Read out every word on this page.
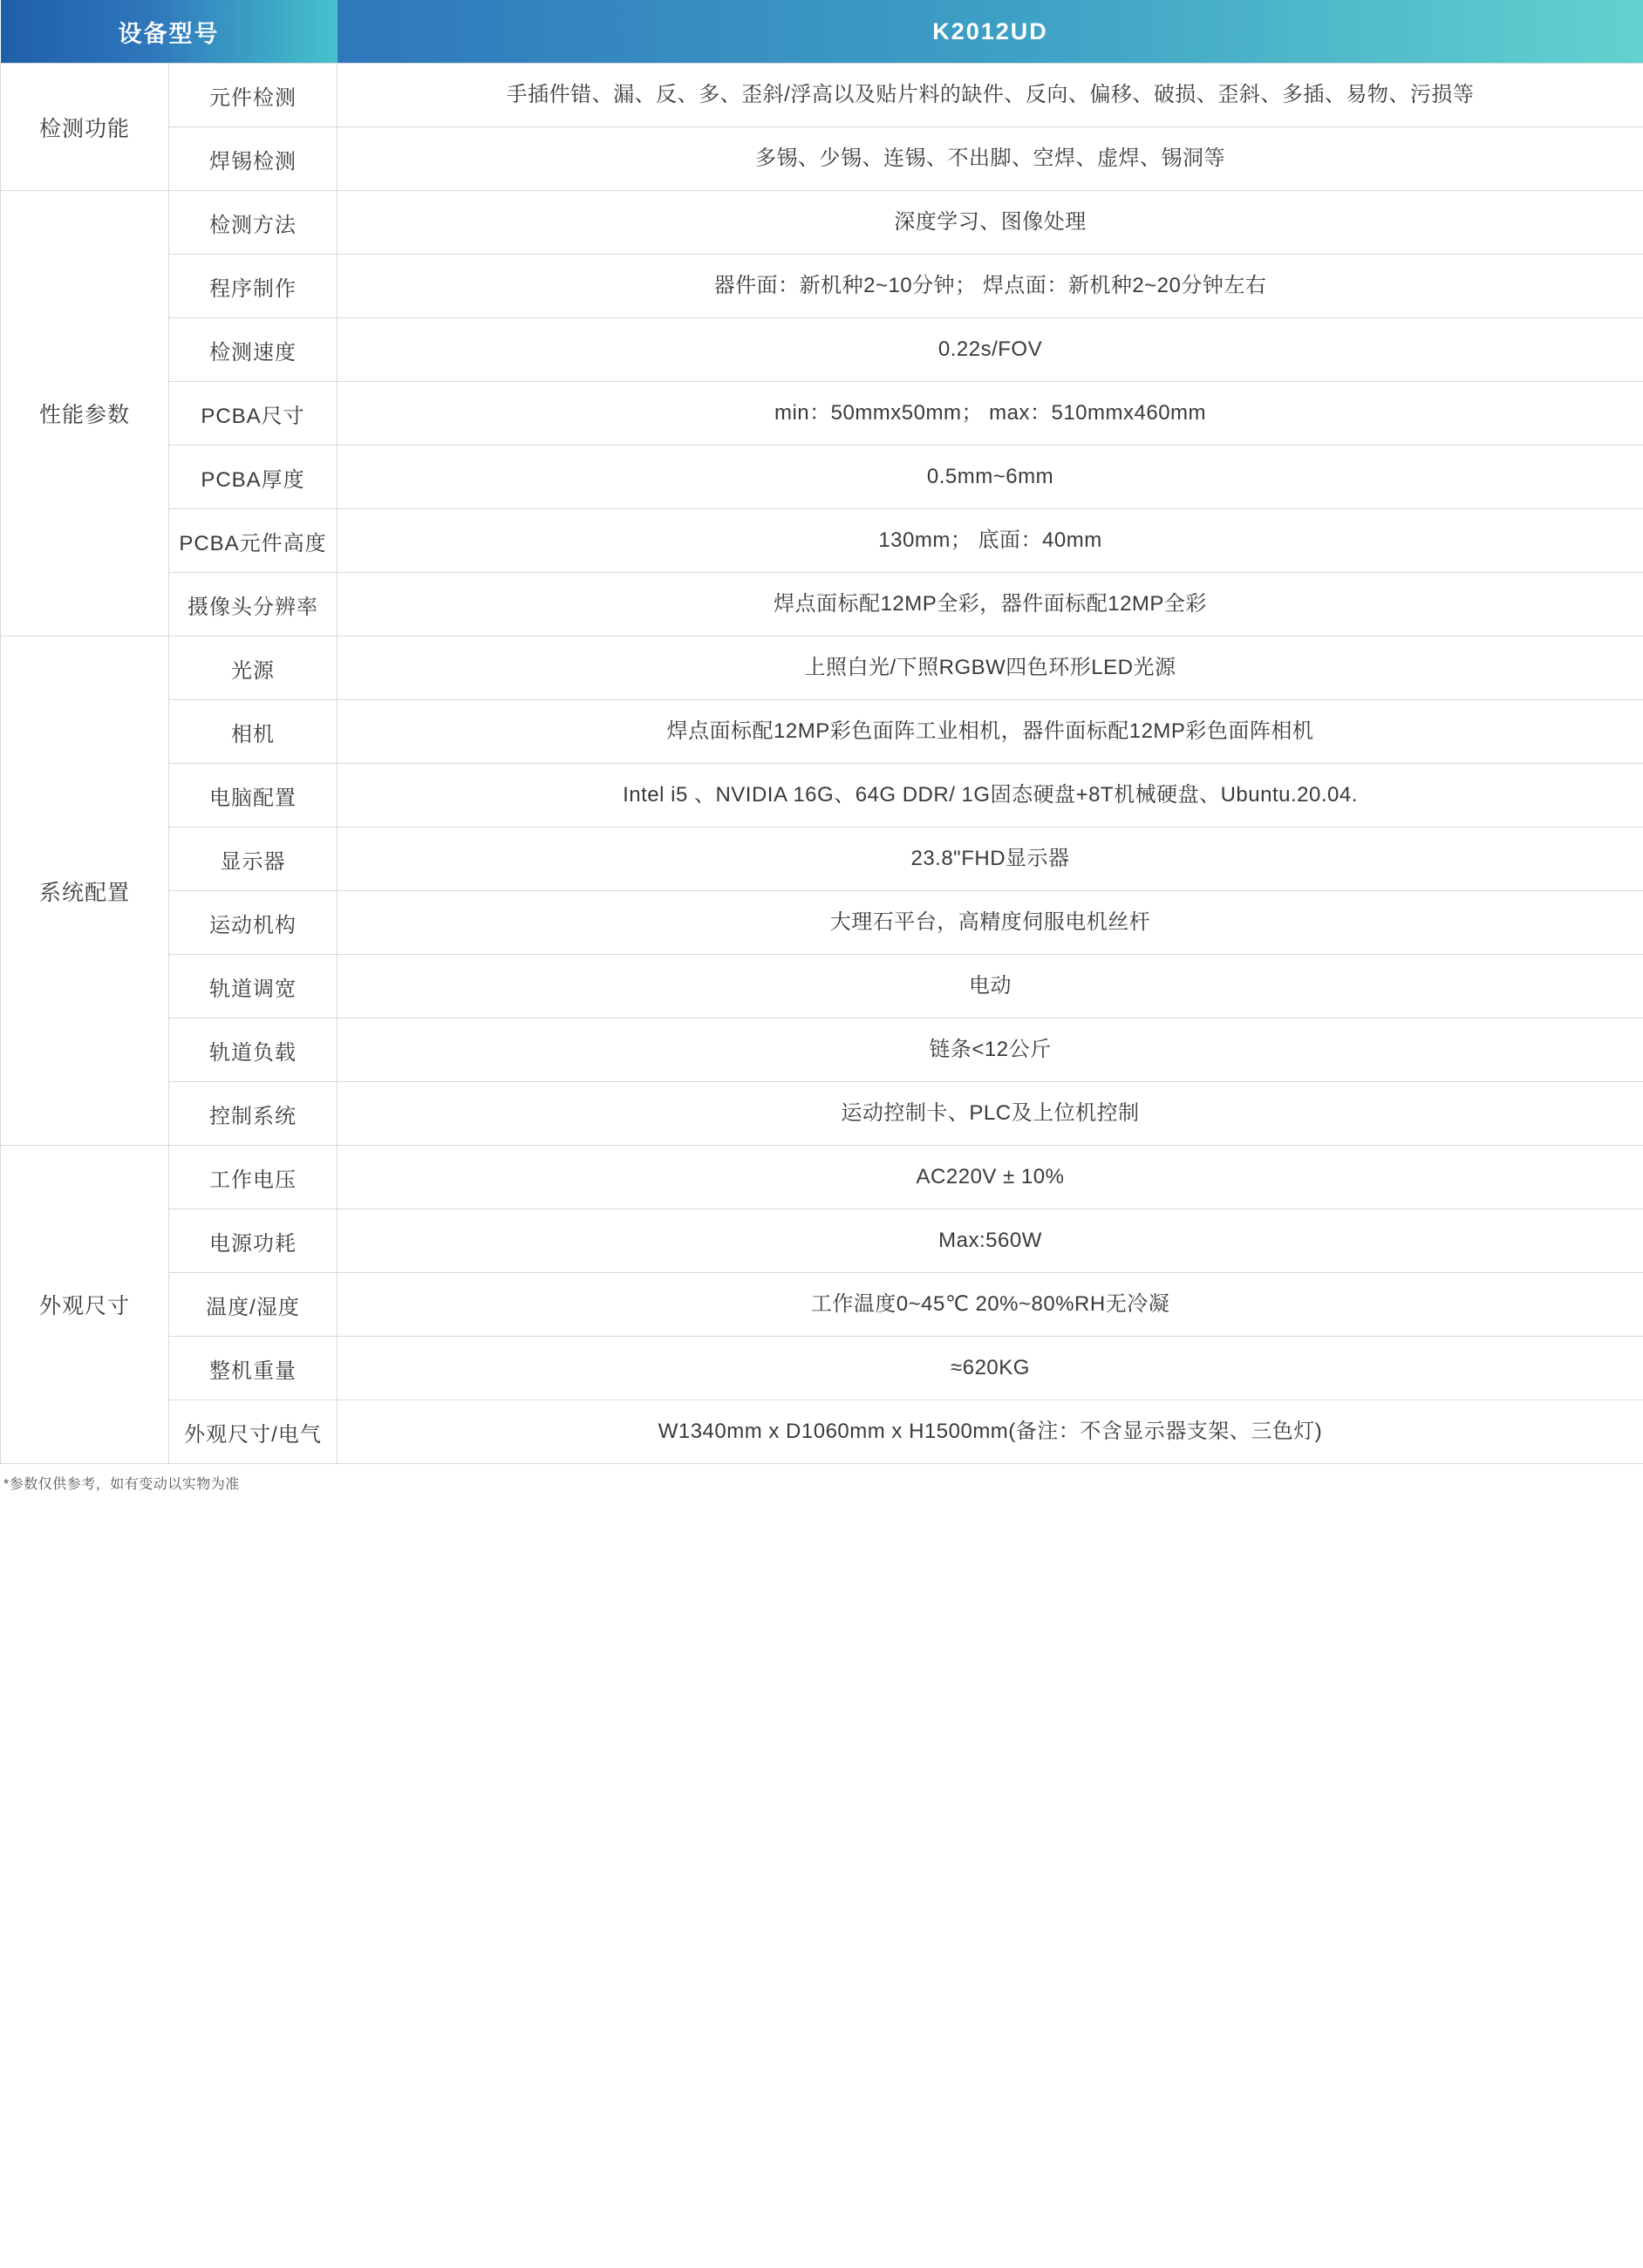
设备型号		K2012UD
检测功能	元件检测	手插件错、漏、反、多、歪斜/浮高以及贴片料的缺件、反向、偏移、破损、歪斜、多插、易物、污损等
	焊锡检测	多锡、少锡、连锡、不出脚、空焊、虚焊、锡洞等
性能参数	检测方法	深度学习、图像处理
	程序制作	器件面：新机种2~10分钟； 焊点面：新机种2~20分钟左右
	检测速度	0.22s/FOV
	PCBA尺寸	min：50mmx50mm； max：510mmx460mm
	PCBA厚度	0.5mm~6mm
	PCBA元件高度	130mm； 底面：40mm
	摄像头分辨率	焊点面标配12MP全彩，器件面标配12MP全彩
系统配置	光源	上照白光/下照RGBW四色环形LED光源
	相机	焊点面标配12MP彩色面阵工业相机，器件面标配12MP彩色面阵相机
	电脑配置	Intel i5 、NVIDIA 16G、64G DDR/ 1G固态硬盘+8T机械硬盘、Ubuntu.20.04.
	显示器	23.8"FHD显示器
	运动机构	大理石平台，高精度伺服电机丝杆
	轨道调宽	电动
	轨道负载	链条<12公斤
	控制系统	运动控制卡、PLC及上位机控制
外观尺寸	工作电压	AC220V ± 10%
	电源功耗	Max:560W
	温度/湿度	工作温度0~45℃ 20%~80%RH无冷凝
	整机重量	≈620KG
	外观尺寸/电气	W1340mm x D1060mm x H1500mm(备注：不含显示器支架、三色灯)
*参数仅供参考，如有变动以实物为准
